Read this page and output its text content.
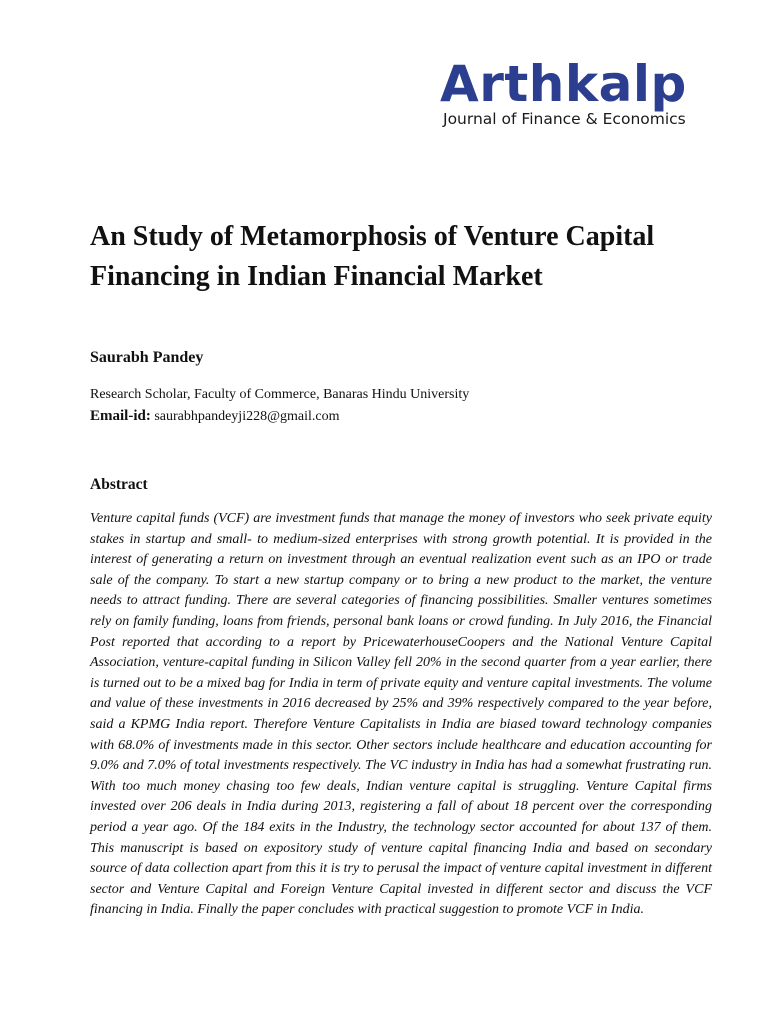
Arthkalp
Journal of Finance & Economics
An Study of Metamorphosis of Venture Capital Financing in Indian Financial Market
Saurabh Pandey
Research Scholar, Faculty of Commerce, Banaras Hindu University
Email-id: saurabhpandeyji228@gmail.com
Abstract

Venture capital funds (VCF) are investment funds that manage the money of investors who seek private equity stakes in startup and small- to medium-sized enterprises with strong growth potential. It is provided in the interest of generating a return on investment through an eventual realization event such as an IPO or trade sale of the company. To start a new startup company or to bring a new product to the market, the venture needs to attract funding. There are several categories of financing possibilities. Smaller ventures sometimes rely on family funding, loans from friends, personal bank loans or crowd funding. In July 2016, the Financial Post reported that according to a report by PricewaterhouseCoopers and the National Venture Capital Association, venture-capital funding in Silicon Valley fell 20% in the second quarter from a year earlier, there is turned out to be a mixed bag for India in term of private equity and venture capital investments. The volume and value of these investments in 2016 decreased by 25% and 39% respectively compared to the year before, said a KPMG India report. Therefore Venture Capitalists in India are biased toward technology companies with 68.0% of investments made in this sector. Other sectors include healthcare and education accounting for 9.0% and 7.0% of total investments respectively. The VC industry in India has had a somewhat frustrating run. With too much money chasing too few deals, Indian venture capital is struggling. Venture Capital firms invested over 206 deals in India during 2013, registering a fall of about 18 percent over the corresponding period a year ago. Of the 184 exits in the Industry, the technology sector accounted for about 137 of them. This manuscript is based on expository study of venture capital financing India and based on secondary source of data collection apart from this it is try to perusal the impact of venture capital investment in different sector and Venture Capital and Foreign Venture Capital invested in different sector and discuss the VCF financing in India. Finally the paper concludes with practical suggestion to promote VCF in India.
